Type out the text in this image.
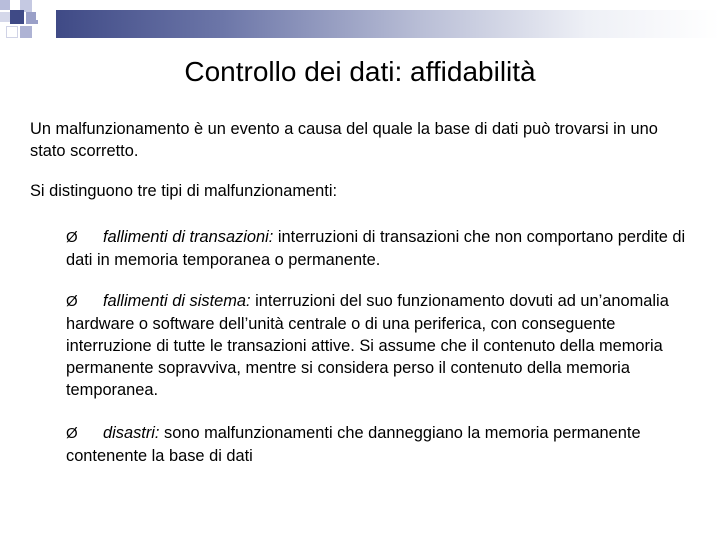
Controllo dei dati: affidabilità
Un malfunzionamento è un evento a causa del quale la base di dati può trovarsi in uno stato scorretto.
Si distinguono tre tipi di malfunzionamenti:
Ø fallimenti di transazioni: interruzioni di transazioni che non comportano perdite di dati in memoria temporanea o permanente.
Ø fallimenti di sistema: interruzioni del suo funzionamento dovuti ad un’anomalia hardware o software dell’unità centrale o di una periferica, con conseguente interruzione di tutte le transazioni attive. Si assume che il contenuto della memoria permanente sopravviva, mentre si considera perso il contenuto della memoria temporanea.
Ø disastri: sono malfunzionamenti che danneggiano la memoria permanente contenente la base di dati
